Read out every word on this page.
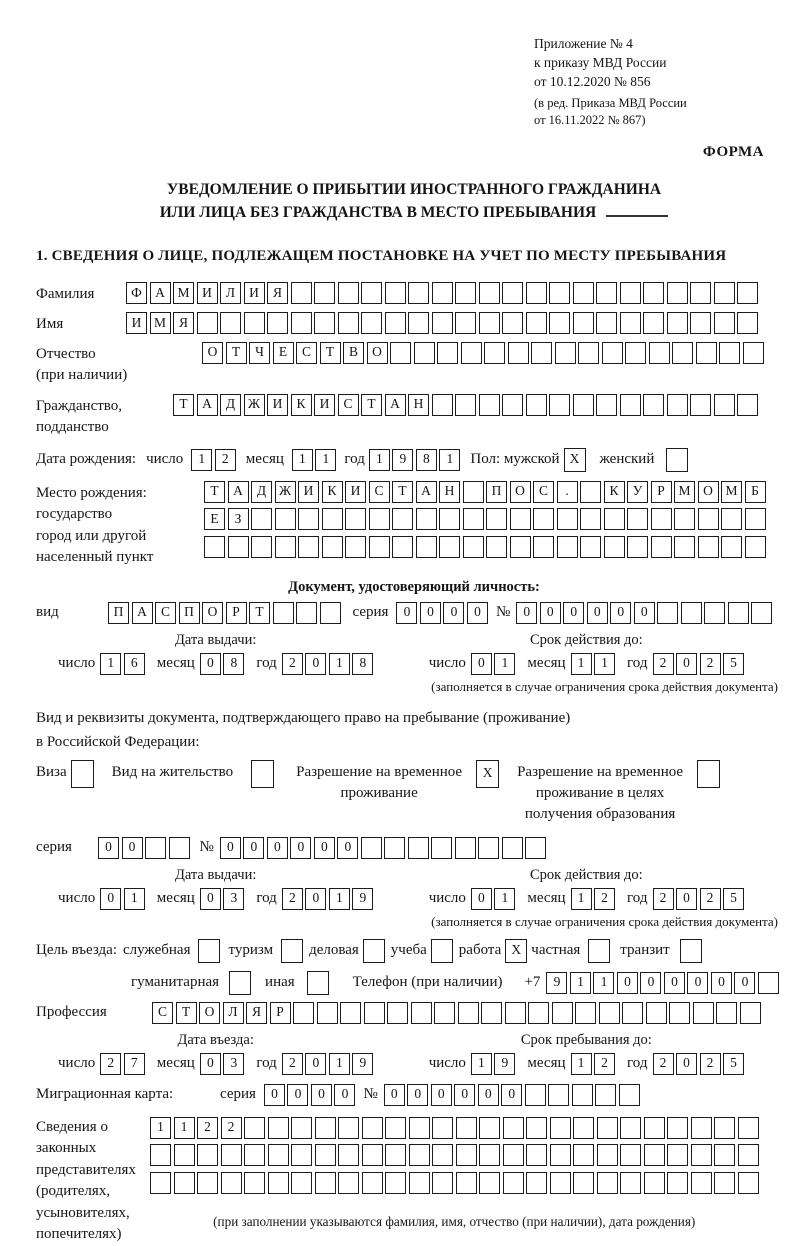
Приложение № 4
к приказу МВД России
от 10.12.2020 № 856
(в ред. Приказа МВД России
от 16.11.2022 № 867)
ФОРМА
УВЕДОМЛЕНИЕ О ПРИБЫТИИ ИНОСТРАННОГО ГРАЖДАНИНА
ИЛИ ЛИЦА БЕЗ ГРАЖДАНСТВА В МЕСТО ПРЕБЫВАНИЯ
1. СВЕДЕНИЯ О ЛИЦЕ, ПОДЛЕЖАЩЕМ ПОСТАНОВКЕ НА УЧЕТ ПО МЕСТУ ПРЕБЫВАНИЯ
Фамилия	Ф А М И	Л	И	Я
Имя	И М Я
Отчество
(при наличии)
О	Т	Ч	Е	С	Т	В	О
Гражданство,
подданство
Т	А	Д Ж И	К	И	С	Т	А	Н
Дата рождения: число	1	2	месяц	1	1	год 1	9	8	1	Пол: мужской X	женский
Место рождения:
государство
город или другой
населенный пункт
Т	А	Д Ж И	К	И	С	Т	А	Н	П	О	С	.	К	У	Р	М О М	Б
Е	З
Документ, удостоверяющий личность:
вид	П	А	С	П	О	Р	Т	серия	0	0	0	0	№ 0	0	0	0	0	0
Дата выдачи:
число 1	6	месяц 0	8	год 2	0	1	8
Срок действия до:
число 0	1	месяц 1	1	год 2	0	2	5
(заполняется в случае ограничения срока действия документа)
Вид и реквизиты документа, подтверждающего право на пребывание (проживание)
в Российской Федерации:
Виза	Вид на жительство	Разрешение на временное
проживание
X	Разрешение на временное
проживание в целях
получения образования
серия	0	0	№ 0	0	0	0	0	0
Дата выдачи:
число 0	1	месяц 0	3	год 2	0	1	9
Срок действия до:
число 0	1	месяц 1	2	год 2	0	2	5
(заполняется в случае ограничения срока действия документа)
Цель въезда: служебная	туризм деловая учеба работа X частная	транзит
гуманитарная	иная	Телефон (при наличии) +7 9	1	1	0	0	0	0	0	0
Профессия	С	Т	О	Л	Я	Р
Дата въезда:
число 2	7	месяц 0	3	год 2	0	1	9
Срок пребывания до:
число 1	9	месяц 1	2	год 2	0	2	5
Миграционная карта:	серия	0	0	0	0	№ 0	0	0	0	0	0
Сведения о
законных
представителях
(родителях,
усыновителях,
попечителях)
1	1	2	2
(при заполнении указываются фамилия, имя, отчество (при наличии), дата рождения)
